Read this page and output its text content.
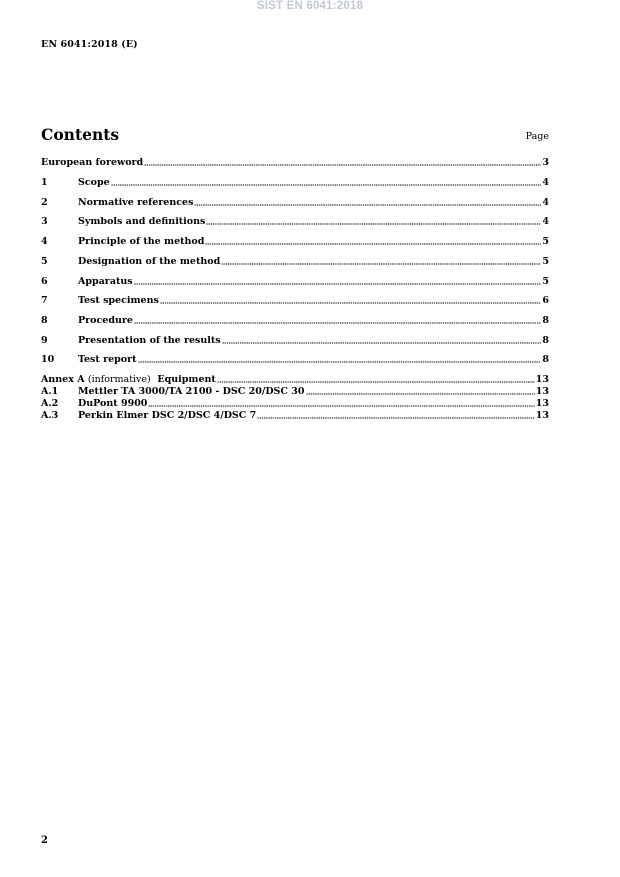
SIST EN 6041:2018
EN 6041:2018 (E)
Contents	Page
European foreword	3
1	Scope	4
2	Normative references	4
3	Symbols and definitions	4
4	Principle of the method	5
5	Designation of the method	5
6	Apparatus	5
7	Test specimens	6
8	Procedure	8
9	Presentation of the results	8
10	Test report	8
Annex A (informative) Equipment	13
A.1	Mettler TA 3000/TA 2100 - DSC 20/DSC 30	13
A.2	DuPont 9900	13
A.3	Perkin Elmer DSC 2/DSC 4/DSC 7	13
2
